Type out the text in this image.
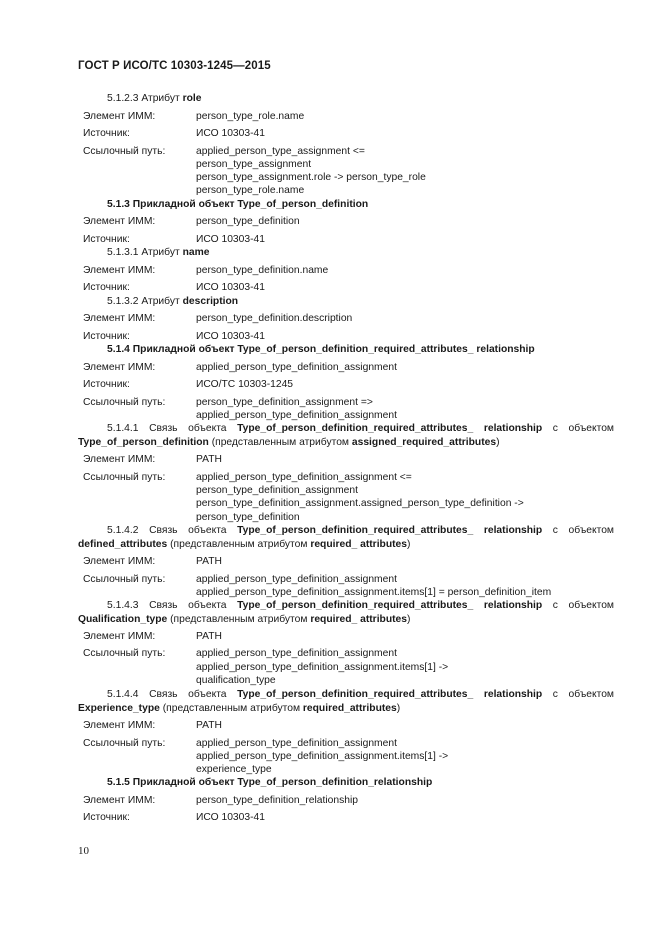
ГОСТ Р ИСО/ТС 10303-1245—2015
5.1.2.3 Атрибут role
Элемент ИММ:	person_type_role.name
Источник:	ИСО 10303-41
Ссылочный путь:	applied_person_type_assignment <=
person_type_assignment
person_type_assignment.role -> person_type_role
person_type_role.name
5.1.3 Прикладной объект Type_of_person_definition
Элемент ИММ:	person_type_definition
Источник:	ИСО 10303-41
5.1.3.1 Атрибут name
Элемент ИММ:	person_type_definition.name
Источник:	ИСО 10303-41
5.1.3.2 Атрибут description
Элемент ИММ:	person_type_definition.description
Источник:	ИСО 10303-41
5.1.4 Прикладной объект Type_of_person_definition_required_attributes_ relationship
Элемент ИММ:	applied_person_type_definition_assignment
Источник:	ИСО/ТС 10303-1245
Ссылочный путь:	person_type_definition_assignment =>
applied_person_type_definition_assignment
5.1.4.1 Связь объекта Type_of_person_definition_required_attributes_ relationship с объектом
Type_of_person_definition (представленным атрибутом assigned_required_attributes)
Элемент ИММ:	PATH
Ссылочный путь:	applied_person_type_definition_assignment <=
person_type_definition_assignment
person_type_definition_assignment.assigned_person_type_definition ->
person_type_definition
5.1.4.2 Связь объекта Type_of_person_definition_required_attributes_ relationship с объектом
defined_attributes (представленным атрибутом required_ attributes)
Элемент ИММ:	PATH
Ссылочный путь:	applied_person_type_definition_assignment
applied_person_type_definition_assignment.items[1] = person_definition_item
5.1.4.3 Связь объекта Type_of_person_definition_required_attributes_ relationship с объектом
Qualification_type (представленным атрибутом required_ attributes)
Элемент ИММ:	PATH
Ссылочный путь:	applied_person_type_definition_assignment
applied_person_type_definition_assignment.items[1] ->
qualification_type
5.1.4.4 Связь объекта Type_of_person_definition_required_attributes_ relationship с объектом
Experience_type (представленным атрибутом required_attributes)
Элемент ИММ:	PATH
Ссылочный путь:	applied_person_type_definition_assignment
applied_person_type_definition_assignment.items[1] ->
experience_type
5.1.5 Прикладной объект Type_of_person_definition_relationship
Элемент ИММ:	person_type_definition_relationship
Источник:	ИСО 10303-41
10
